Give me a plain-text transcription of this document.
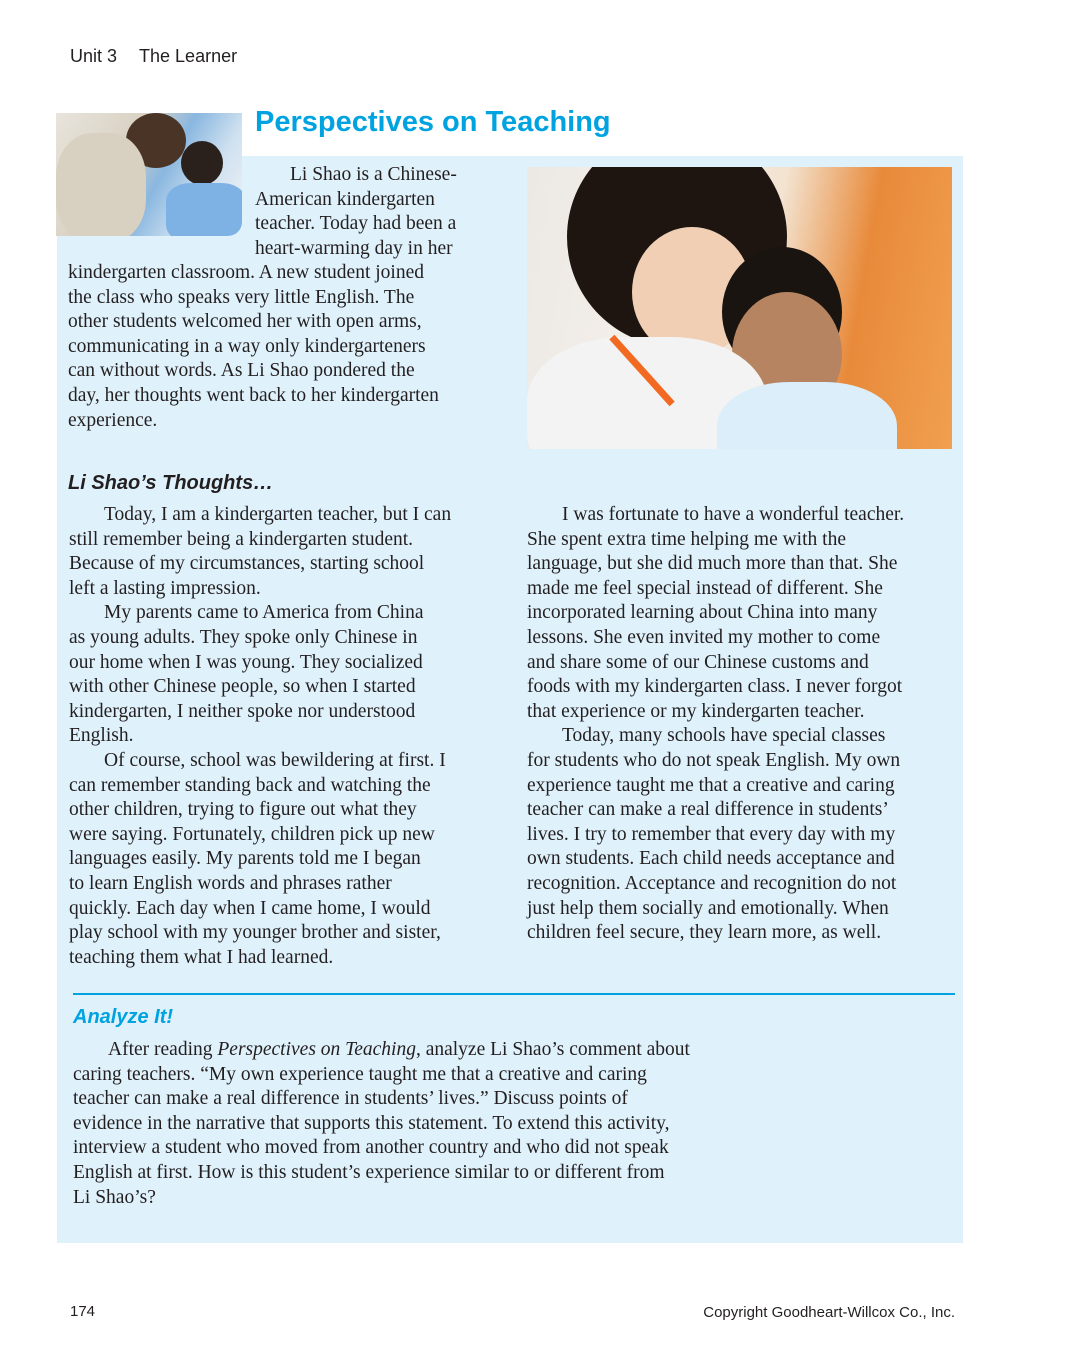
Unit 3 The Learner
Perspectives on Teaching
Li Shao is a Chinese-
American kindergarten
teacher. Today had been a
heart-warming day in her
kindergarten classroom. A new student joined
the class who speaks very little English. The
other students welcomed her with open arms,
communicating in a way only kindergarteners
can without words. As Li Shao pondered the
day, her thoughts went back to her kindergarten
experience.
Li Shao’s Thoughts…
Today, I am a kindergarten teacher, but I can
still remember being a kindergarten student.
Because of my circumstances, starting school
left a lasting impression.
My parents came to America from China
as young adults. They spoke only Chinese in
our home when I was young. They socialized
with other Chinese people, so when I started
kindergarten, I neither spoke nor understood
English.
Of course, school was bewildering at first. I
can remember standing back and watching the
other children, trying to figure out what they
were saying. Fortunately, children pick up new
languages easily. My parents told me I began
to learn English words and phrases rather
quickly. Each day when I came home, I would
play school with my younger brother and sister,
teaching them what I had learned.
I was fortunate to have a wonderful teacher.
She spent extra time helping me with the
language, but she did much more than that. She
made me feel special instead of different. She
incorporated learning about China into many
lessons. She even invited my mother to come
and share some of our Chinese customs and
foods with my kindergarten class. I never forgot
that experience or my kindergarten teacher.
Today, many schools have special classes
for students who do not speak English. My own
experience taught me that a creative and caring
teacher can make a real difference in students’
lives. I try to remember that every day with my
own students. Each child needs acceptance and
recognition. Acceptance and recognition do not
just help them socially and emotionally. When
children feel secure, they learn more, as well.
Analyze It!
After reading Perspectives on Teaching, analyze Li Shao’s comment about
caring teachers. “My own experience taught me that a creative and caring
teacher can make a real difference in students’ lives.” Discuss points of
evidence in the narrative that supports this statement. To extend this activity,
interview a student who moved from another country and who did not speak
English at first. How is this student’s experience similar to or different from
Li Shao’s?
174	Copyright Goodheart-Willcox Co., Inc.
